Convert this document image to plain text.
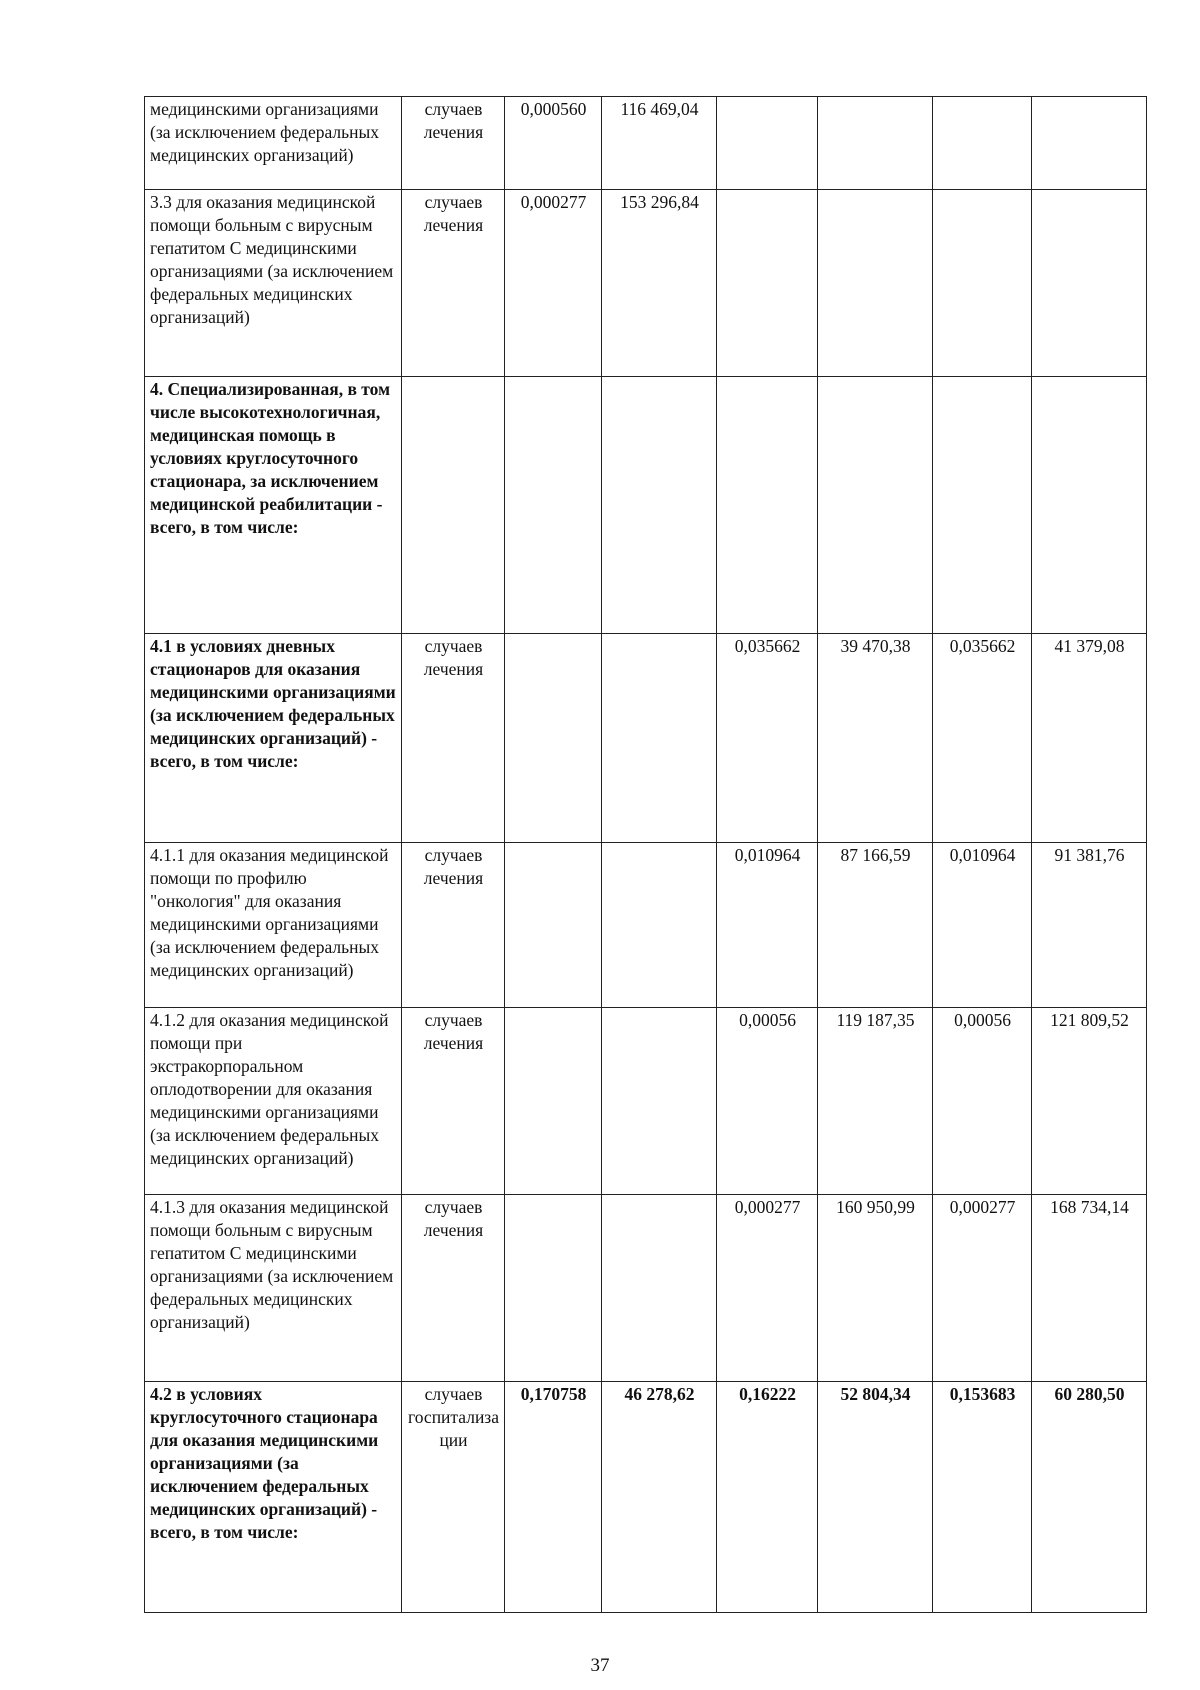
медицинскими организациями (за исключением федеральных медицинских организаций)	случаев лечения	0,000560	116 469,04				
3.3 для оказания медицинской помощи больным с вирусным гепатитом С медицинскими организациями (за исключением федеральных медицинских организаций)	случаев лечения	0,000277	153 296,84				
4. Специализированная, в том числе высокотехнологичная, медицинская помощь в условиях круглосуточного стационара, за исключением медицинской реабилитации - всего, в том числе:							
4.1 в условиях дневных стационаров для оказания медицинскими организациями (за исключением федеральных медицинских организаций) - всего, в том числе:	случаев лечения			0,035662	39 470,38	0,035662	41 379,08
4.1.1 для оказания медицинской помощи по профилю "онкология" для оказания медицинскими организациями (за исключением федеральных медицинских организаций)	случаев лечения			0,010964	87 166,59	0,010964	91 381,76
4.1.2 для оказания медицинской помощи при экстракорпоральном оплодотворении для оказания медицинскими организациями (за исключением федеральных медицинских организаций)	случаев лечения			0,00056	119 187,35	0,00056	121 809,52
4.1.3 для оказания медицинской помощи больным с вирусным гепатитом С медицинскими организациями (за исключением федеральных медицинских организаций)	случаев лечения			0,000277	160 950,99	0,000277	168 734,14
4.2 в условиях круглосуточного стационара для оказания медицинскими организациями (за исключением федеральных медицинских организаций) - всего, в том числе:	случаев госпитализации	0,170758	46 278,62	0,16222	52 804,34	0,153683	60 280,50
37
